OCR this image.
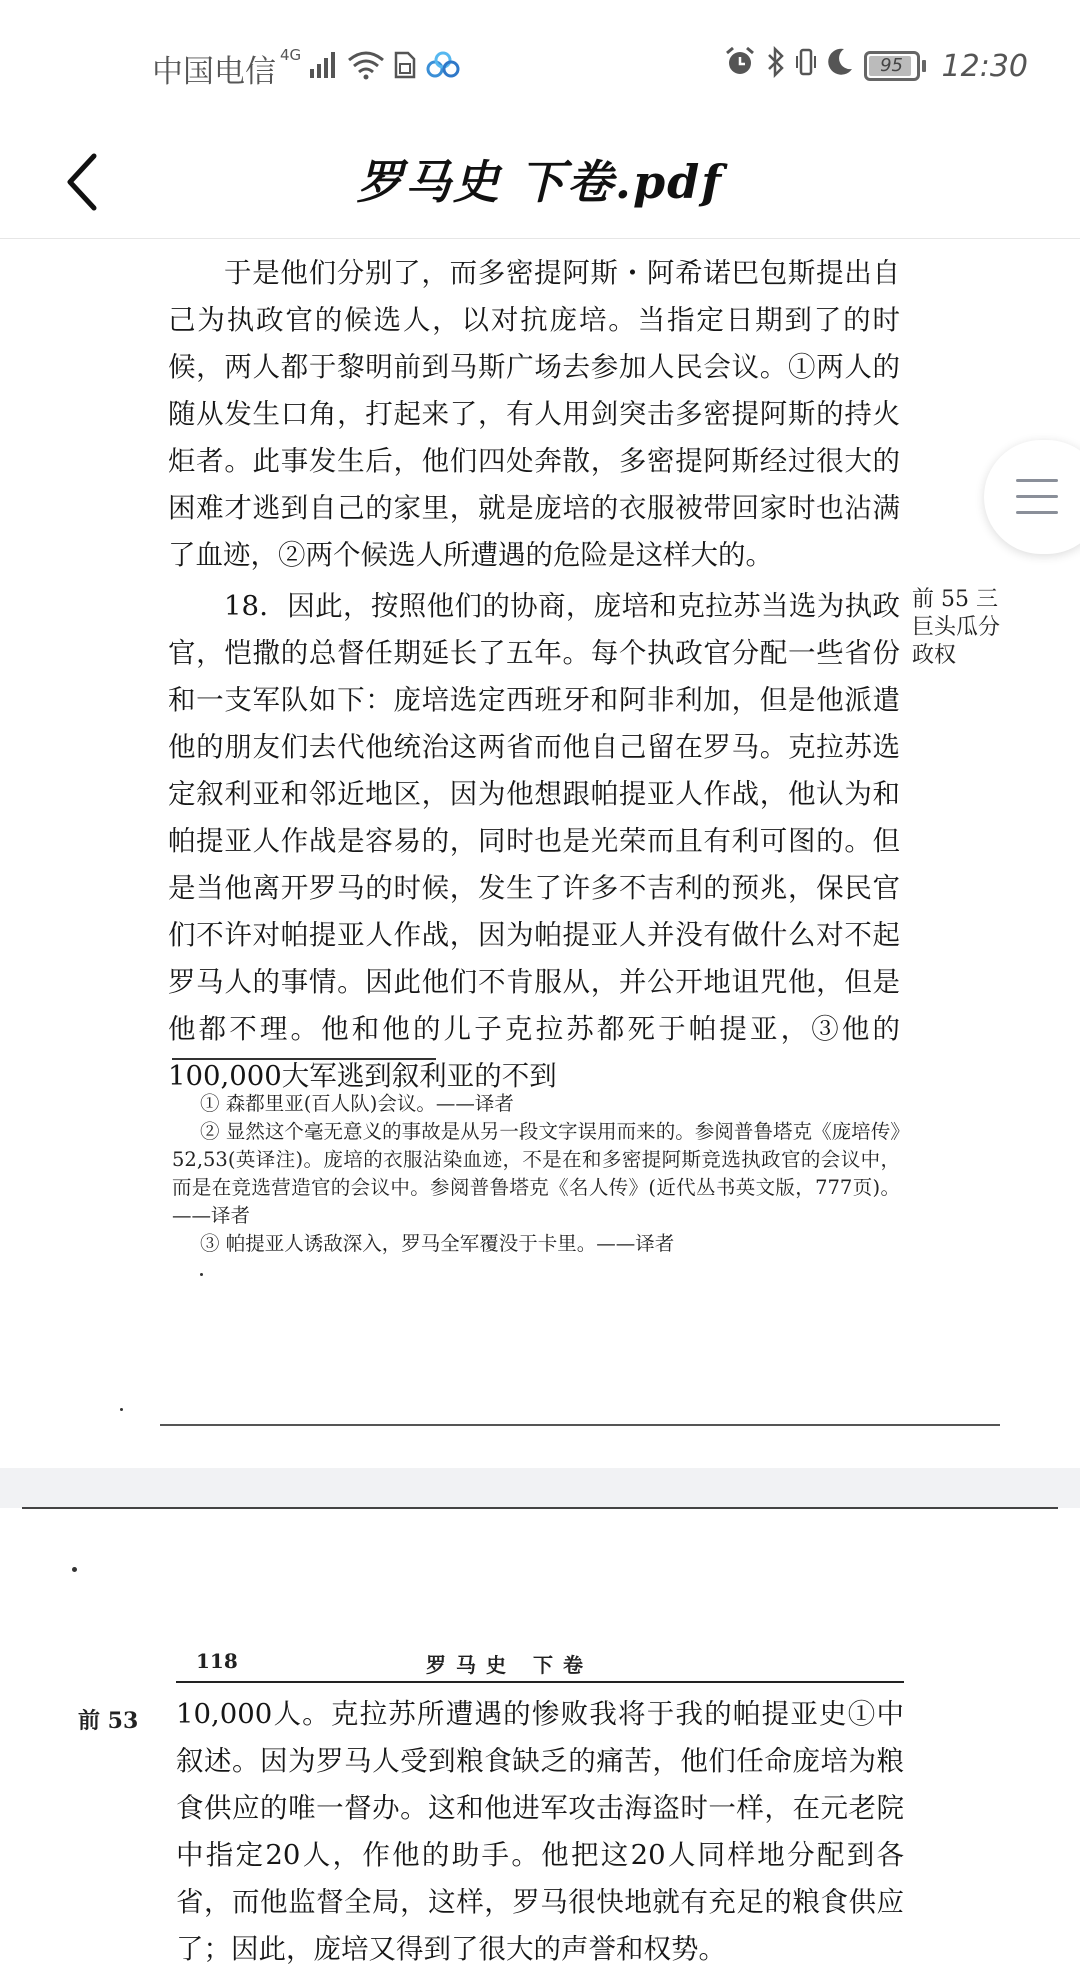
中国电信 4G	95	12:30
罗马史 下卷.pdf

于是他们分别了，而多密提阿斯・阿希诺巴包斯提出自己为执政官的候选人，以对抗庞培。当指定日期到了的时候，两人都于黎明前到马斯广场去参加人民会议。①两人的随从发生口角，打起来了，有人用剑突击多密提阿斯的持火炬者。此事发生后，他们四处奔散，多密提阿斯经过很大的困难才逃到自己的家里，就是庞培的衣服被带回家时也沾满了血迹，②两个候选人所遭遇的危险是这样大的。

18．因此，按照他们的协商，庞培和克拉苏当选为执政官，恺撒的总督任期延长了五年。每个执政官分配一些省份和一支军队如下：庞培选定西班牙和阿非利加，但是他派遣他的朋友们去代他统治这两省而他自己留在罗马。克拉苏选定叙利亚和邻近地区，因为他想跟帕提亚人作战，他认为和帕提亚人作战是容易的，同时也是光荣而且有利可图的。但是当他离开罗马的时候，发生了许多不吉利的预兆，保民官们不许对帕提亚人作战，因为帕提亚人并没有做什么对不起罗马人的事情。因此他们不肯服从，并公开地诅咒他，但是他都不理。他和他的儿子克拉苏都死于帕提亚，③他的100,000大军逃到叙利亚的不到

前 55 三巨头瓜分政权

① 森都里亚(百人队)会议。——译者
② 显然这个毫无意义的事故是从另一段文字误用而来的。参阅普鲁塔克《庞培传》52,53(英译注)。庞培的衣服沾染血迹，不是在和多密提阿斯竞选执政官的会议中，而是在竞选营造官的会议中。参阅普鲁塔克《名人传》(近代丛书英文版，777页)。——译者
③ 帕提亚人诱敌深入，罗马全军覆没于卡里。——译者
118	罗马史 下卷

前 53 10,000人。克拉苏所遭遇的惨败我将于我的帕提亚史①中叙述。因为罗马人受到粮食缺乏的痛苦，他们任命庞培为粮食供应的唯一督办。这和他进军攻击海盗时一样，在元老院中指定20人，作他的助手。他把这20人同样地分配到各省，而他监督全局，这样，罗马很快地就有充足的粮食供应了；因此，庞培又得到了很大的声誉和权势。
